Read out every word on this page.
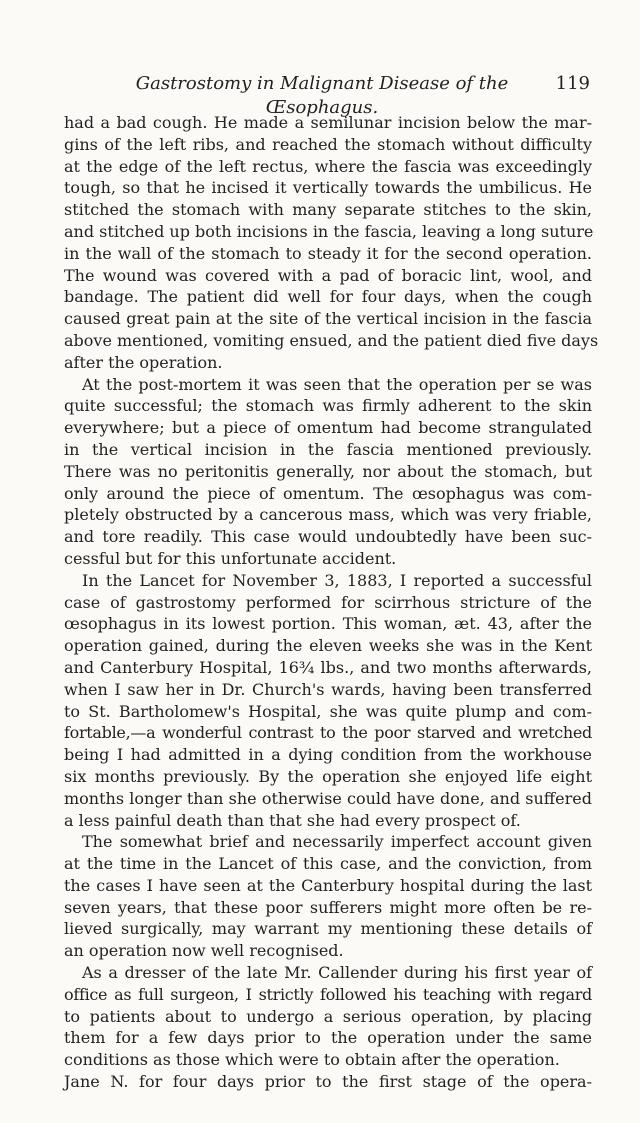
Gastrostomy in Malignant Disease of the Œsophagus.
119
had a bad cough. He made a semilunar incision below the mar-
gins of the left ribs, and reached the stomach without difficulty
at the edge of the left rectus, where the fascia was exceedingly
tough, so that he incised it vertically towards the umbilicus. He
stitched the stomach with many separate stitches to the skin,
and stitched up both incisions in the fascia, leaving a long suture
in the wall of the stomach to steady it for the second operation.
The wound was covered with a pad of boracic lint, wool, and
bandage. The patient did well for four days, when the cough
caused great pain at the site of the vertical incision in the fascia
above mentioned, vomiting ensued, and the patient died five days
after the operation.
At the post-mortem it was seen that the operation per se was
quite successful; the stomach was firmly adherent to the skin
everywhere; but a piece of omentum had become strangulated
in the vertical incision in the fascia mentioned previously.
There was no peritonitis generally, nor about the stomach, but
only around the piece of omentum. The œsophagus was com-
pletely obstructed by a cancerous mass, which was very friable,
and tore readily. This case would undoubtedly have been suc-
cessful but for this unfortunate accident.
In the Lancet for November 3, 1883, I reported a successful
case of gastrostomy performed for scirrhous stricture of the
œsophagus in its lowest portion. This woman, æt. 43, after the
operation gained, during the eleven weeks she was in the Kent
and Canterbury Hospital, 16¾ lbs., and two months afterwards,
when I saw her in Dr. Church's wards, having been transferred
to St. Bartholomew's Hospital, she was quite plump and com-
fortable,—a wonderful contrast to the poor starved and wretched
being I had admitted in a dying condition from the workhouse
six months previously. By the operation she enjoyed life eight
months longer than she otherwise could have done, and suffered
a less painful death than that she had every prospect of.
The somewhat brief and necessarily imperfect account given
at the time in the Lancet of this case, and the conviction, from
the cases I have seen at the Canterbury hospital during the last
seven years, that these poor sufferers might more often be re-
lieved surgically, may warrant my mentioning these details of
an operation now well recognised.
As a dresser of the late Mr. Callender during his first year of
office as full surgeon, I strictly followed his teaching with regard
to patients about to undergo a serious operation, by placing
them for a few days prior to the operation under the same
conditions as those which were to obtain after the operation.
Jane N. for four days prior to the first stage of the opera-
